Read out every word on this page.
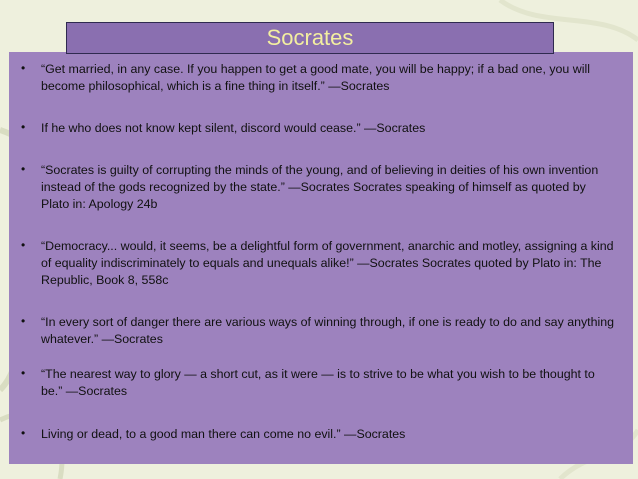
• “Get married, in any case. If you happen to get a good mate, you will be happy; if a bad one, you will become philosophical, which is a fine thing in itself.” —Socrates

• If he who does not know kept silent, discord would cease.” —Socrates

• “Socrates is guilty of corrupting the minds of the young, and of believing in deities of his own invention instead of the gods recognized by the state.” —Socrates Socrates speaking of himself as quoted by Plato in: Apology 24b

• “Democracy... would, it seems, be a delightful form of government, anarchic and motley, assigning a kind of equality indiscriminately to equals and unequals alike!” —Socrates Socrates quoted by Plato in: The Republic, Book 8, 558c

• “In every sort of danger there are various ways of winning through, if one is ready to do and say anything whatever.” —Socrates

• “The nearest way to glory — a short cut, as it were — is to strive to be what you wish to be thought to be.” —Socrates

• Living or dead, to a good man there can come no evil.” —Socrates

Socrates
